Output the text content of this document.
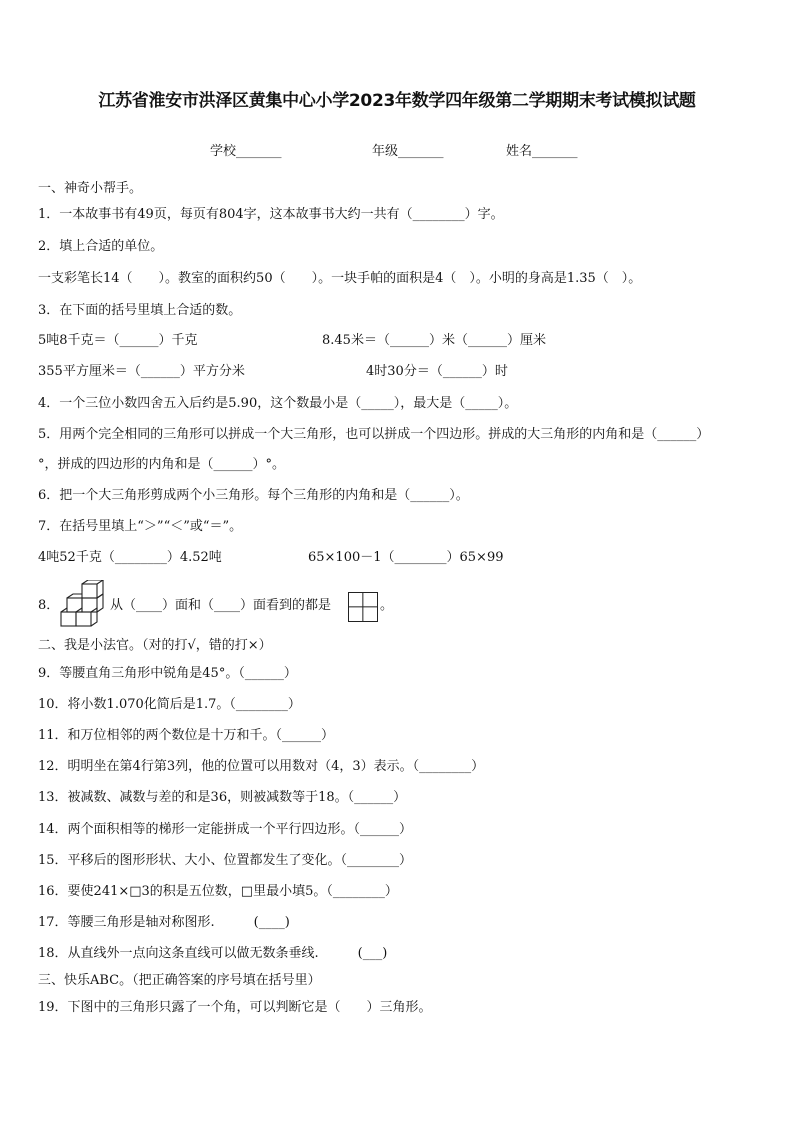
江苏省淮安市洪泽区黄集中心小学2023年数学四年级第二学期期末考试模拟试题
学校_______	年级_______	姓名_______
一、神奇小帮手。
1．一本故事书有49页，每页有804字，这本故事书大约一共有（________）字。
2．填上合适的单位。
一支彩笔长14（　　）。教室的面积约50（　　）。一块手帕的面积是4（　）。小明的身高是1.35（　）。
3．在下面的括号里填上合适的数。
5吨8千克＝（______）千克	8.45米＝（______）米（______）厘米
355平方厘米＝（______）平方分米	4时30分＝（______）时
4．一个三位小数四舍五入后约是5.90，这个数最小是（_____），最大是（_____）。
5．用两个完全相同的三角形可以拼成一个大三角形，也可以拼成一个四边形。拼成的大三角形的内角和是（______）
°，拼成的四边形的内角和是（______）°。
6．把一个大三角形剪成两个小三角形。每个三角形的内角和是（______）。
7．在括号里填上“＞”“＜”或“＝”。
4吨52千克（________）4.52吨	65×100－1（________）65×99
8．	从（____）面和（____）面看到的都是	。
二、我是小法官。（对的打√，错的打×）
9．等腰直角三角形中锐角是45°。（______）
10．将小数1.070化简后是1.7。（________）
11．和万位相邻的两个数位是十万和千。（______）
12．明明坐在第4行第3列，他的位置可以用数对（4，3）表示。（________）
13．被减数、减数与差的和是36，则被减数等于18。（______）
14．两个面积相等的梯形一定能拼成一个平行四边形。（______）
15．平移后的图形形状、大小、位置都发生了变化。（________）
16．要使241×□3的积是五位数，□里最小填5。（________）
17．等腰三角形是轴对称图形.　　　(____)
18．从直线外一点向这条直线可以做无数条垂线.　　　(___)
三、快乐ABC。（把正确答案的序号填在括号里）
19．下图中的三角形只露了一个角，可以判断它是（　　）三角形。
